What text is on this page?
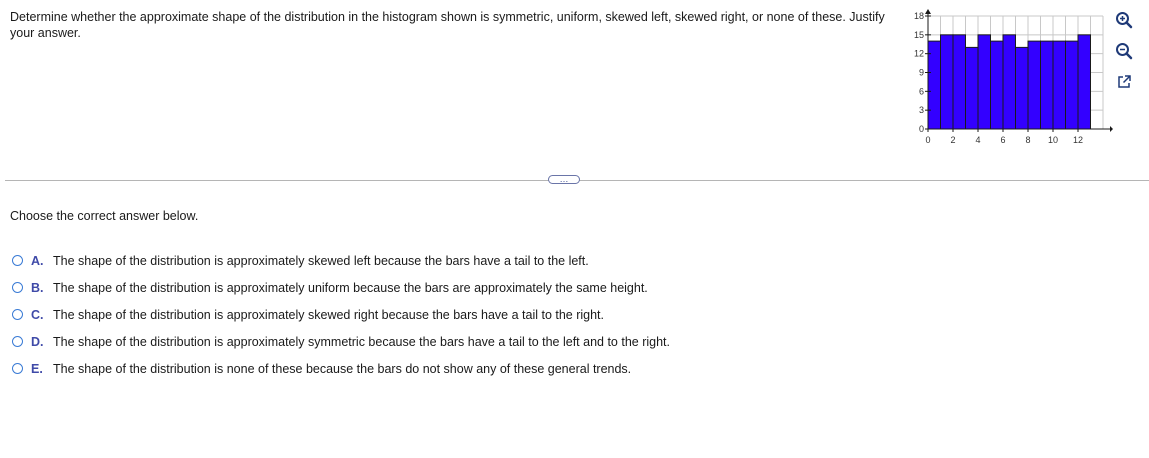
Determine whether the approximate shape of the distribution in the histogram shown is symmetric, uniform, skewed left, skewed right, or none of these. Justify your answer.
0
3
6
9
12
15
18
0 2 4 6 8 10 12
…
Choose the correct answer below.
A. The shape of the distribution is approximately skewed left because the bars have a tail to the left.
B. The shape of the distribution is approximately uniform because the bars are approximately the same height.
C. The shape of the distribution is approximately skewed right because the bars have a tail to the right.
D. The shape of the distribution is approximately symmetric because the bars have a tail to the left and to the right.
E. The shape of the distribution is none of these because the bars do not show any of these general trends.
